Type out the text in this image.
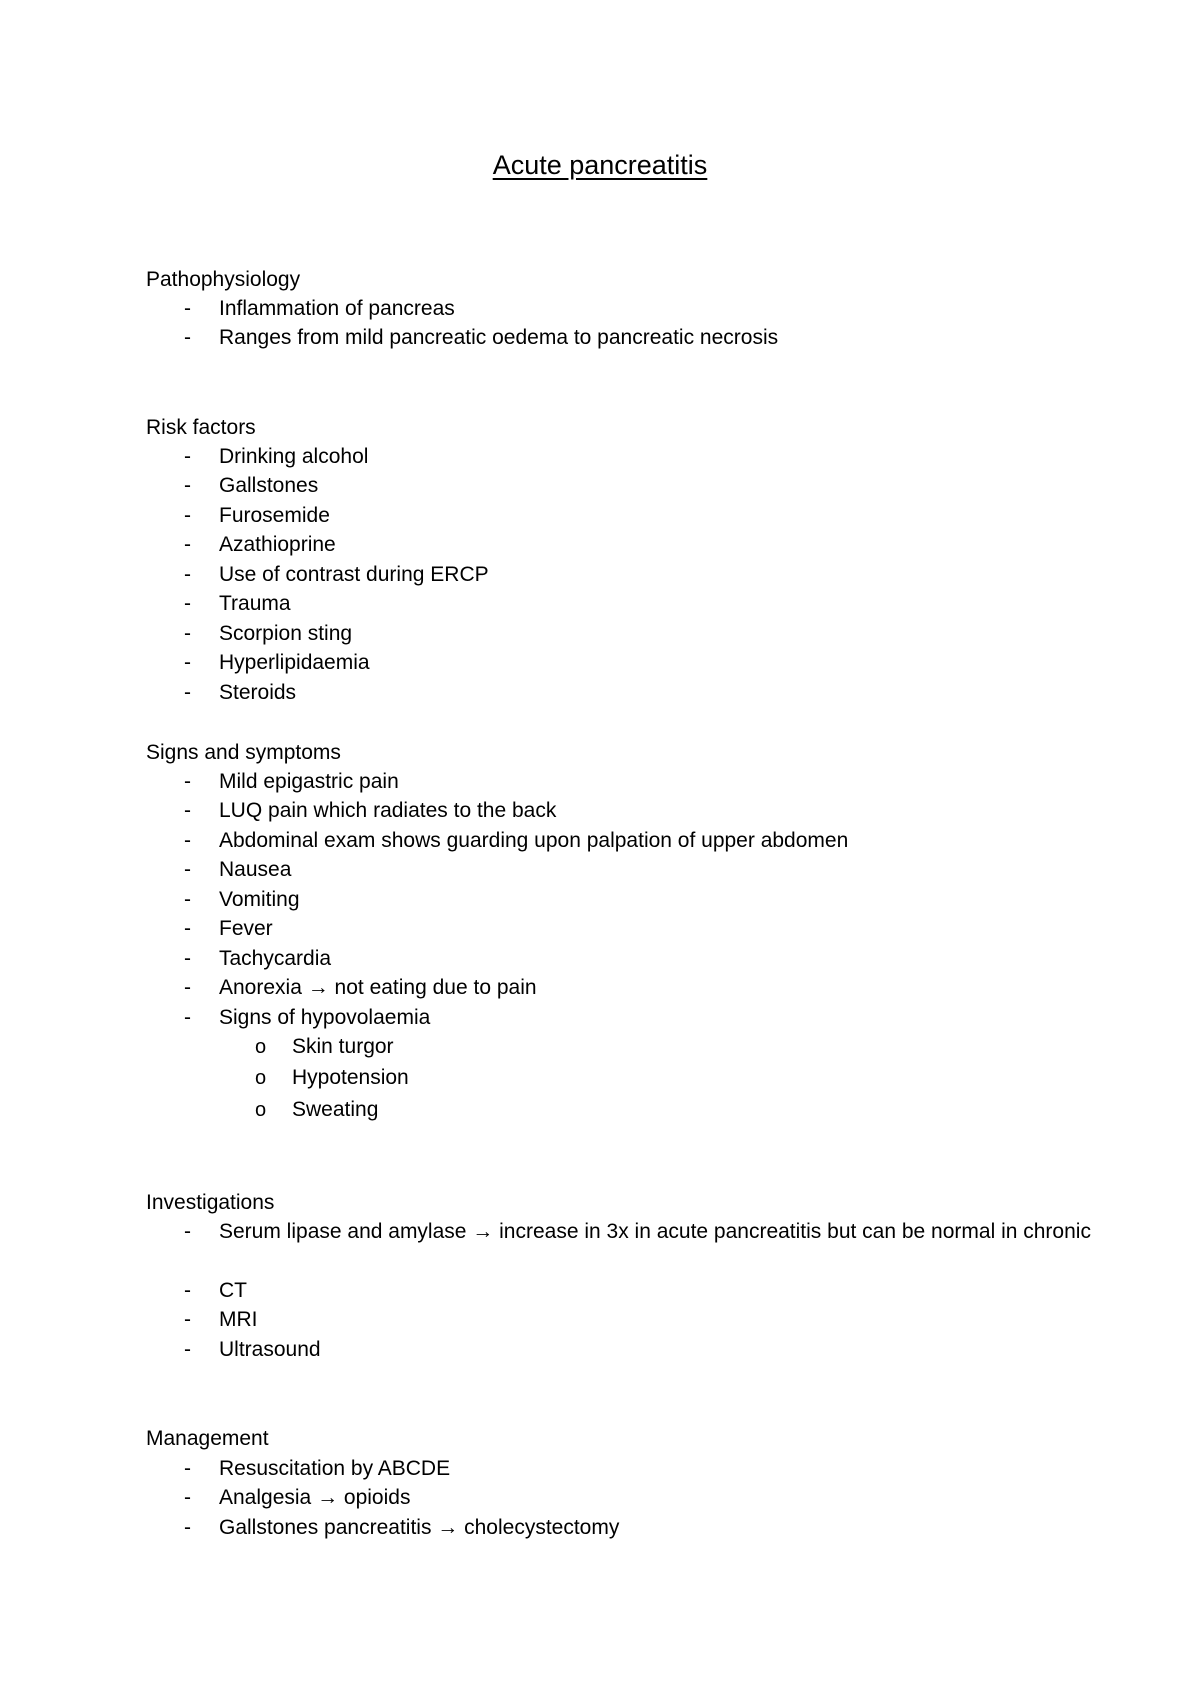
Acute pancreatitis
Pathophysiology
-	Inflammation of pancreas
-	Ranges from mild pancreatic oedema to pancreatic necrosis
Risk factors
-	Drinking alcohol
-	Gallstones
-	Furosemide
-	Azathioprine
-	Use of contrast during ERCP
-	Trauma
-	Scorpion sting
-	Hyperlipidaemia
-	Steroids
Signs and symptoms
-	Mild epigastric pain
-	LUQ pain which radiates to the back
-	Abdominal exam shows guarding upon palpation of upper abdomen
-	Nausea
-	Vomiting
-	Fever
-	Tachycardia
-	Anorexia → not eating due to pain
-	Signs of hypovolaemia
o Skin turgor
o Hypotension
o Sweating
Investigations
-	Serum lipase and amylase → increase in 3x in acute pancreatitis but can be normal in chronic
-	CT
-	MRI
-	Ultrasound
Management
-	Resuscitation by ABCDE
-	Analgesia → opioids
-	Gallstones pancreatitis → cholecystectomy
